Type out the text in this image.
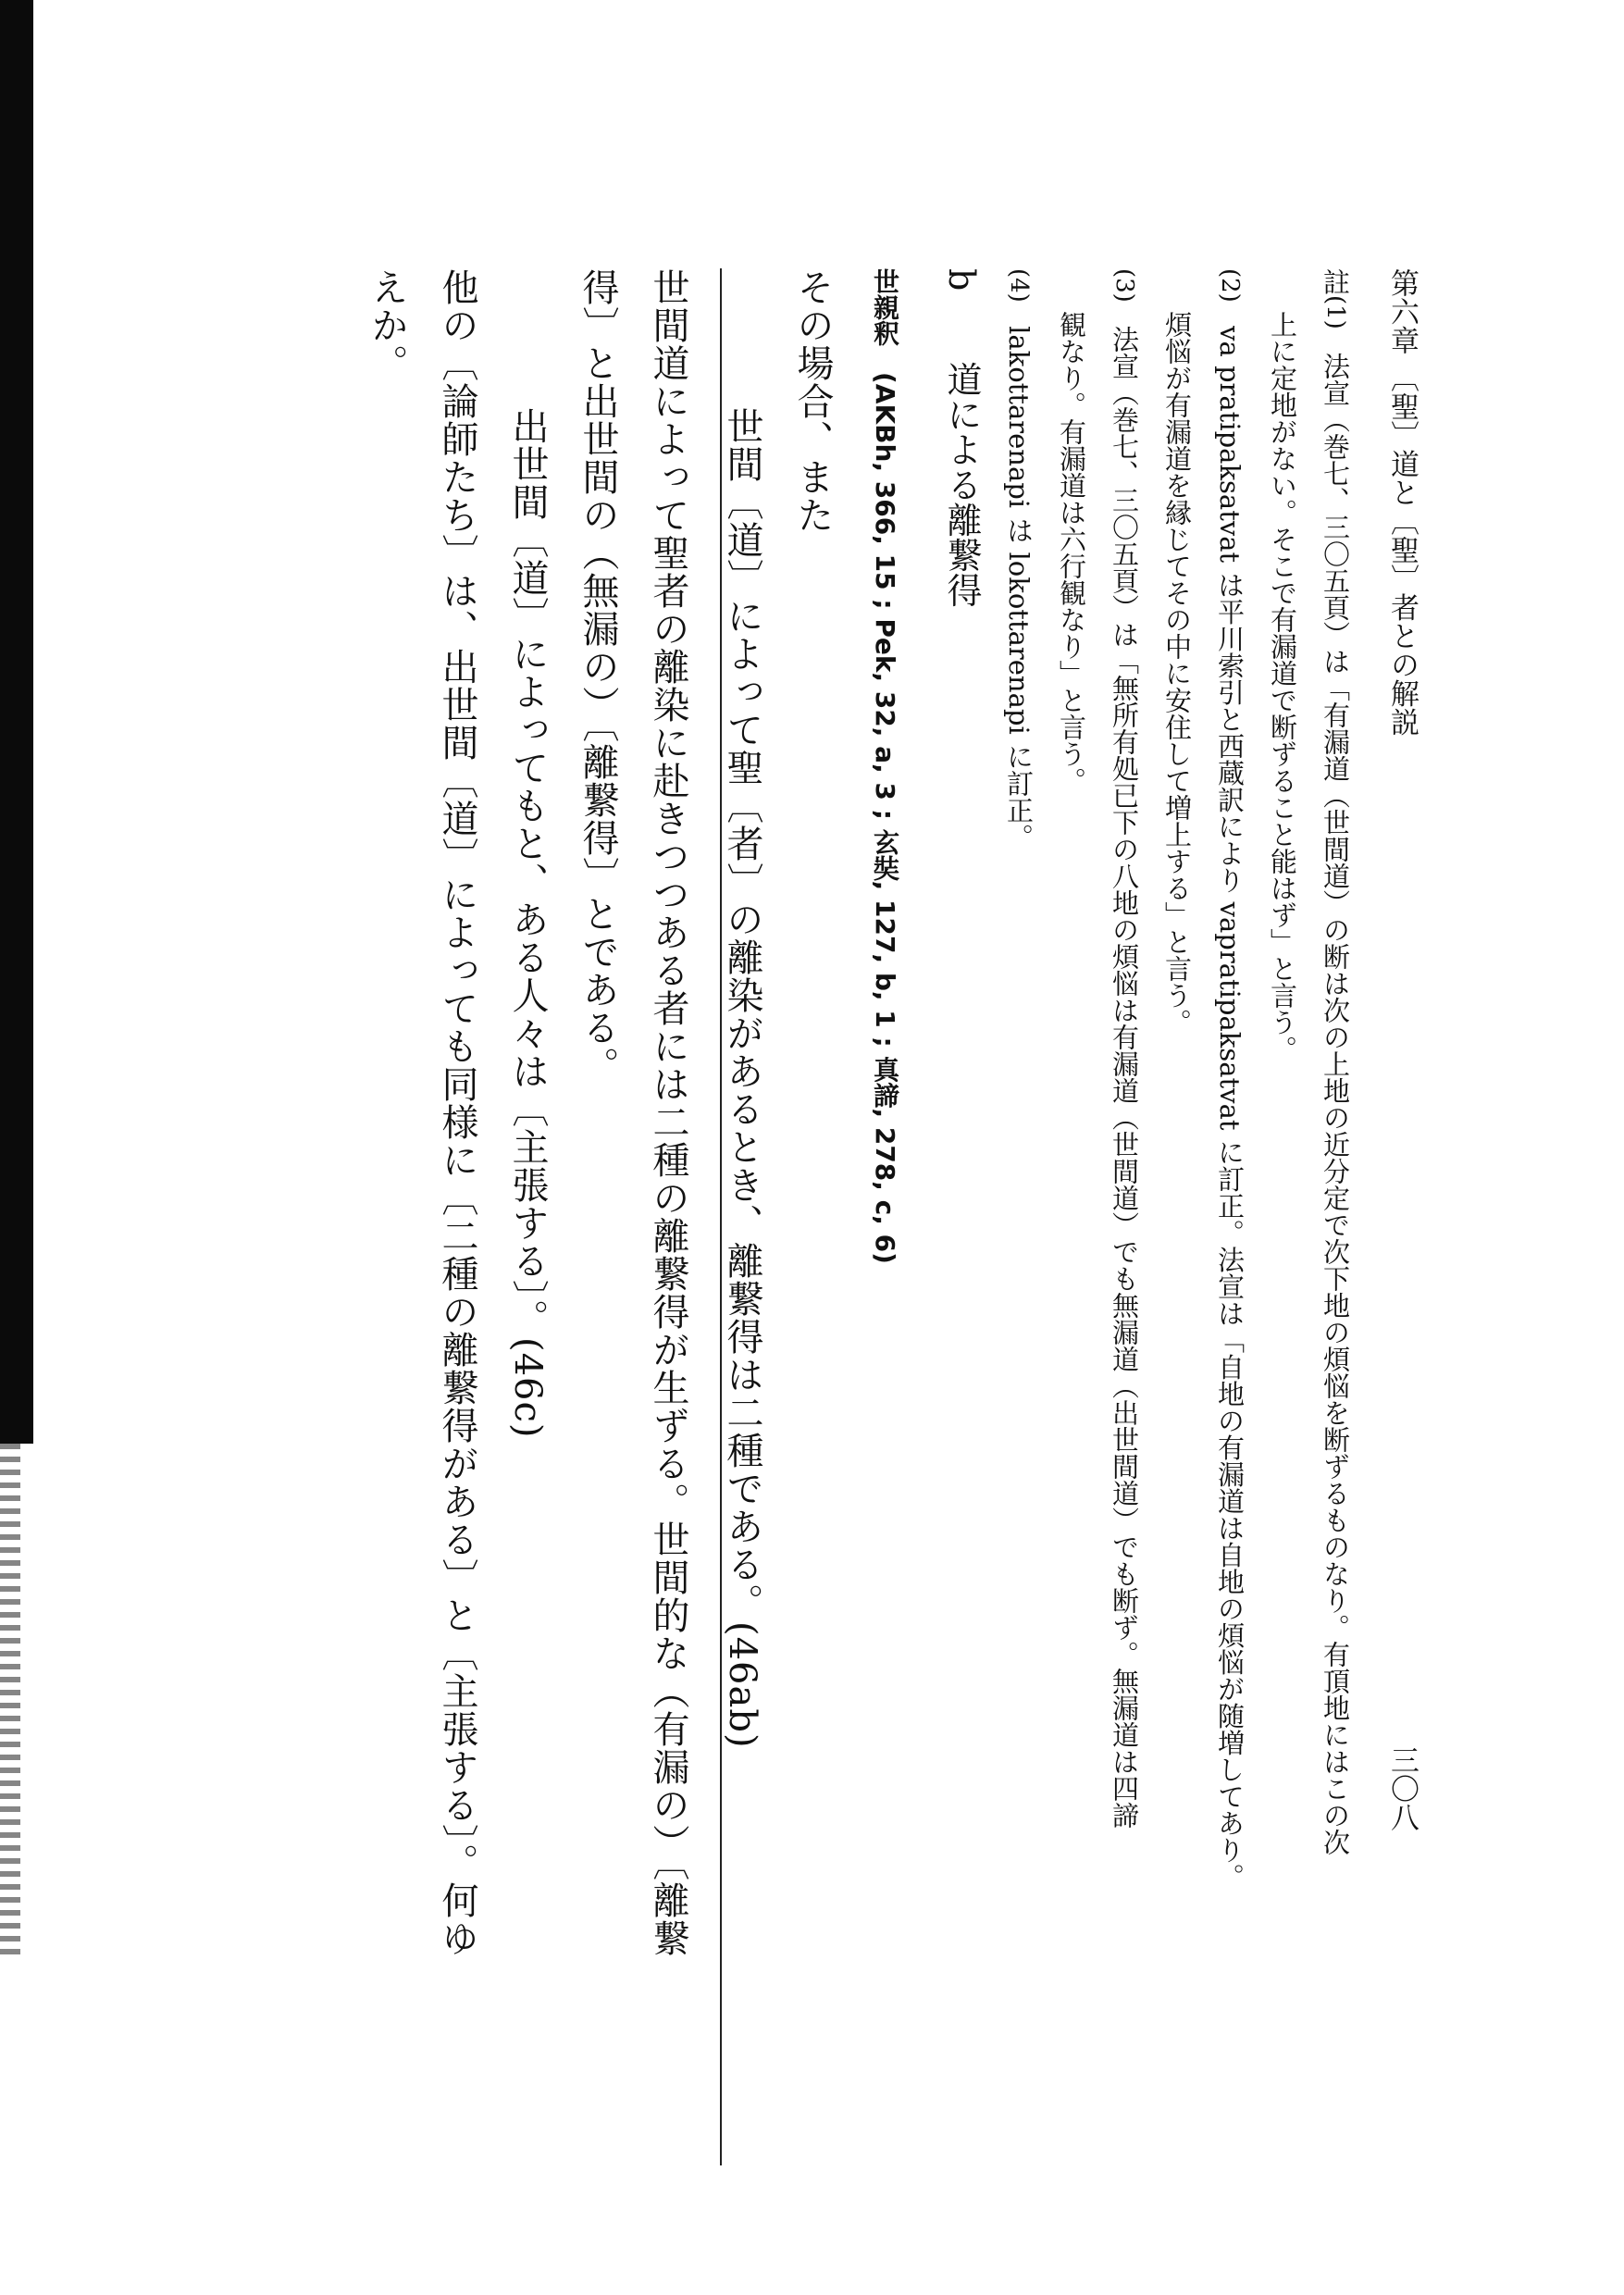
第六章 〔聖〕道と〔聖〕者との解説 三〇八
註(1) 法宣（巻七、三〇五頁）は「有漏道（世間道）の断は次の上地の近分定で次下地の煩悩を断ずるものなり。有頂地にはこの次
上に定地がない。そこで有漏道で断ずること能はず」と言う。
(2) va pratipaksatvat は平川索引と西蔵訳により vapratipaksatvat に訂正。法宣は「自地の有漏道は自地の煩悩が随増してあり。
煩悩が有漏道を縁じてその中に安住して増上する」と言う。
(3) 法宣（巻七、三〇五頁）は「無所有処已下の八地の煩悩は有漏道（世間道）でも無漏道（出世間道）でも断ず。無漏道は四諦
観なり。有漏道は六行観なり」と言う。
(4) lakottarenapi は lokottarenapi に訂正。
b　　道による離繋得
世親釈　(AKBh, 366, 15 ; Pek, 32, a, 3 ; 玄奘, 127, b, 1 ; 真諦, 278, c, 6)
その場合、また
世間〔道〕によって聖〔者〕の離染があるとき、離繋得は二種である。(46ab)
世間道によって聖者の離染に赴きつつある者には二種の離繋得が生ずる。世間的な（有漏の）〔離繋
得〕と出世間の（無漏の）〔離繋得〕とである。
出世間〔道〕によってもと、ある人々は〔主張する〕。(46c)
他の〔論師たち〕は、出世間〔道〕によっても同様に〔二種の離繋得がある〕と〔主張する〕。何ゆ
えか。
